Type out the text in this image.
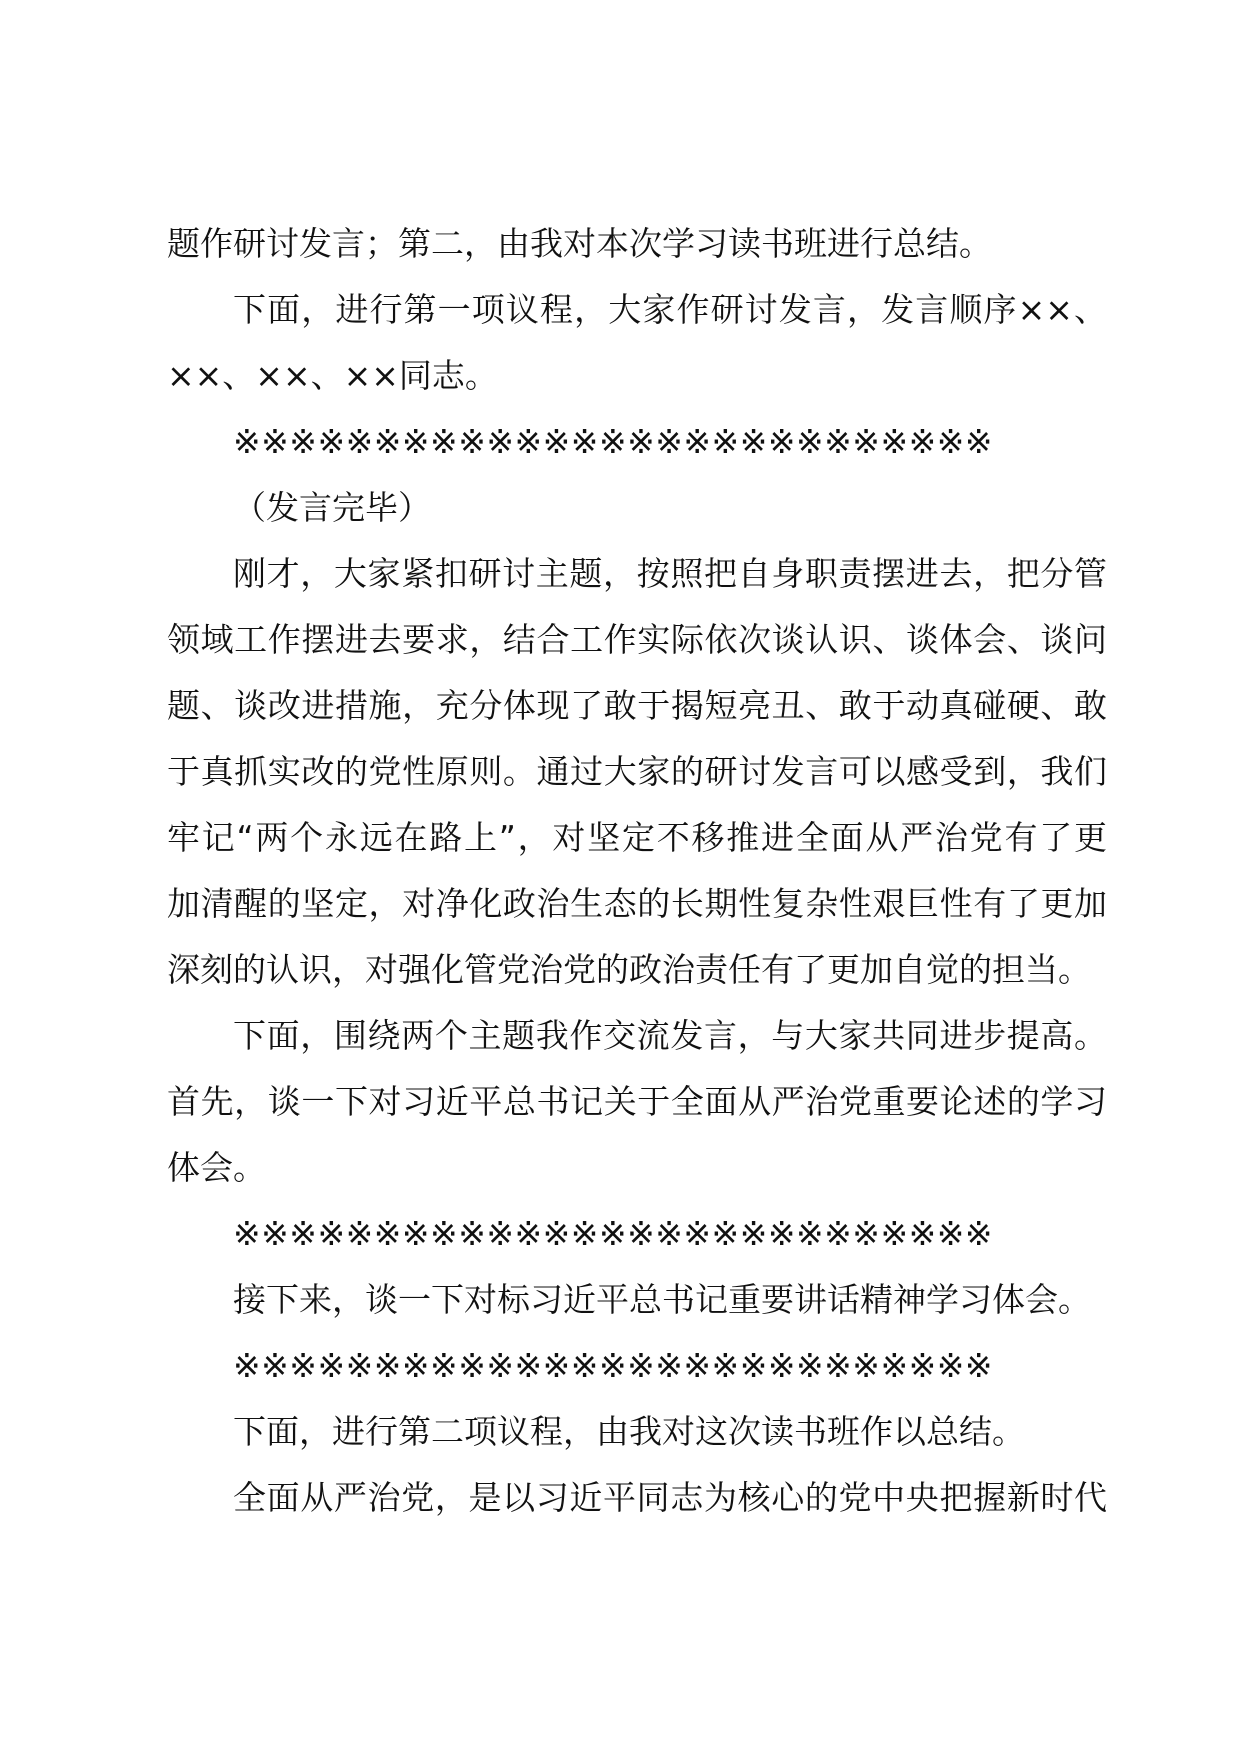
题作研讨发言；第二，由我对本次学习读书班进行总结。
下面，进行第一项议程，大家作研讨发言，发言顺序××、
××、××、××同志。
※※※※※※※※※※※※※※※※※※※※※※※※※※※
（发言完毕）
刚才，大家紧扣研讨主题，按照把自身职责摆进去，把分管
领域工作摆进去要求，结合工作实际依次谈认识、谈体会、谈问
题、谈改进措施，充分体现了敢于揭短亮丑、敢于动真碰硬、敢
于真抓实改的党性原则。通过大家的研讨发言可以感受到，我们
牢记“两个永远在路上”，对坚定不移推进全面从严治党有了更
加清醒的坚定，对净化政治生态的长期性复杂性艰巨性有了更加
深刻的认识，对强化管党治党的政治责任有了更加自觉的担当。
下面，围绕两个主题我作交流发言，与大家共同进步提高。
首先，谈一下对习近平总书记关于全面从严治党重要论述的学习
体会。
※※※※※※※※※※※※※※※※※※※※※※※※※※※
接下来，谈一下对标习近平总书记重要讲话精神学习体会。
※※※※※※※※※※※※※※※※※※※※※※※※※※※
下面，进行第二项议程，由我对这次读书班作以总结。
全面从严治党，是以习近平同志为核心的党中央把握新时代
